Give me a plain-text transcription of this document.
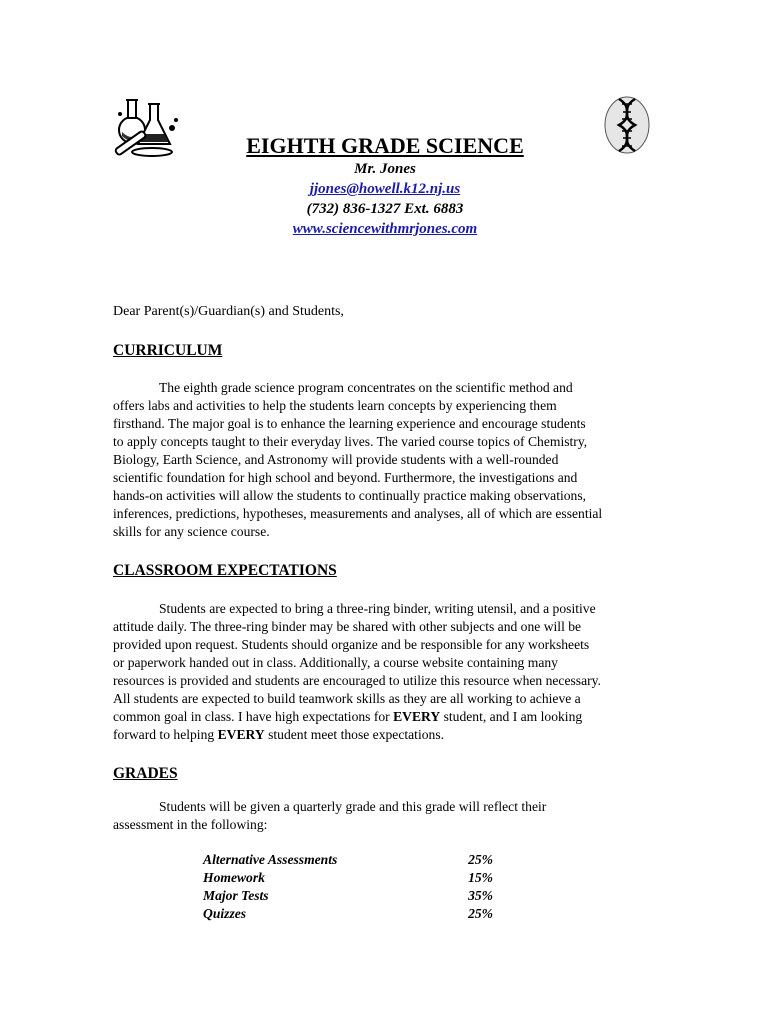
EIGHTH GRADE SCIENCE
Mr. Jones
jjones@howell.k12.nj.us
(732) 836-1327 Ext. 6883
www.sciencewithmrjones.com
Dear Parent(s)/Guardian(s) and Students,
CURRICULUM
The eighth grade science program concentrates on the scientific method and
offers labs and activities to help the students learn concepts by experiencing them
firsthand. The major goal is to enhance the learning experience and encourage students
to apply concepts taught to their everyday lives. The varied course topics of Chemistry,
Biology, Earth Science, and Astronomy will provide students with a well-rounded
scientific foundation for high school and beyond. Furthermore, the investigations and
hands-on activities will allow the students to continually practice making observations,
inferences, predictions, hypotheses, measurements and analyses, all of which are essential
skills for any science course.
CLASSROOM EXPECTATIONS
Students are expected to bring a three-ring binder, writing utensil, and a positive
attitude daily. The three-ring binder may be shared with other subjects and one will be
provided upon request. Students should organize and be responsible for any worksheets
or paperwork handed out in class. Additionally, a course website containing many
resources is provided and students are encouraged to utilize this resource when necessary.
All students are expected to build teamwork skills as they are all working to achieve a
common goal in class. I have high expectations for EVERY student, and I am looking
forward to helping EVERY student meet those expectations.
GRADES
Students will be given a quarterly grade and this grade will reflect their
assessment in the following:
Alternative Assessments	25%
Homework	15%
Major Tests	35%
Quizzes	25%
